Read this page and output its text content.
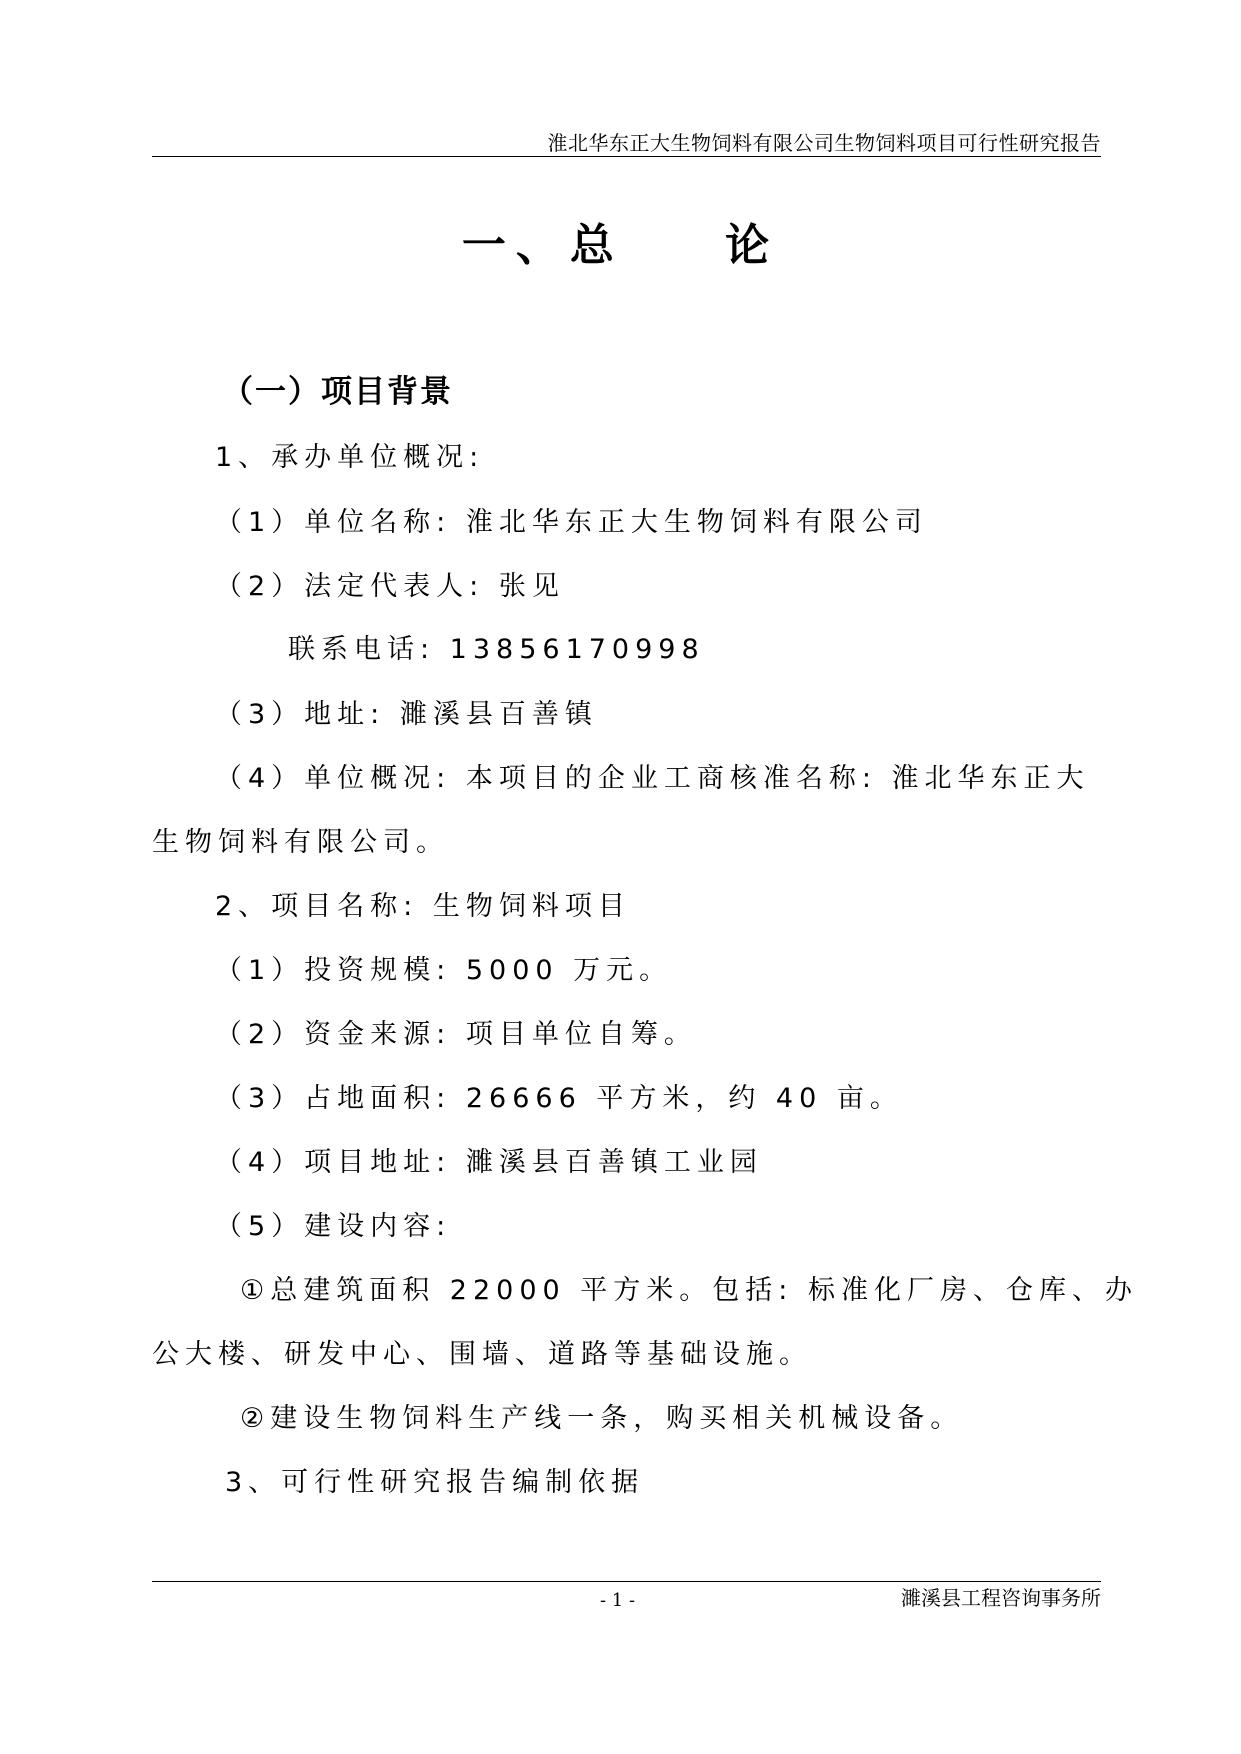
淮北华东正大生物饲料有限公司生物饲料项目可行性研究报告
一、总    论
（一）项目背景
1、承办单位概况:
（1）单位名称: 淮北华东正大生物饲料有限公司
（2）法定代表人: 张见
联系电话: 13856170998
（3）地址: 濉溪县百善镇
（4）单位概况: 本项目的企业工商核准名称: 淮北华东正大
生物饲料有限公司。
2、项目名称: 生物饲料项目
（1）投资规模: 5000 万元。
（2）资金来源: 项目单位自筹。
（3）占地面积: 26666 平方米，约 40 亩。
（4）项目地址: 濉溪县百善镇工业园
（5）建设内容:
①总建筑面积 22000 平方米。包括: 标准化厂房、仓库、办
公大楼、研发中心、围墙、道路等基础设施。
②建设生物饲料生产线一条，购买相关机械设备。
3、可行性研究报告编制依据
- 1 -	濉溪县工程咨询事务所
